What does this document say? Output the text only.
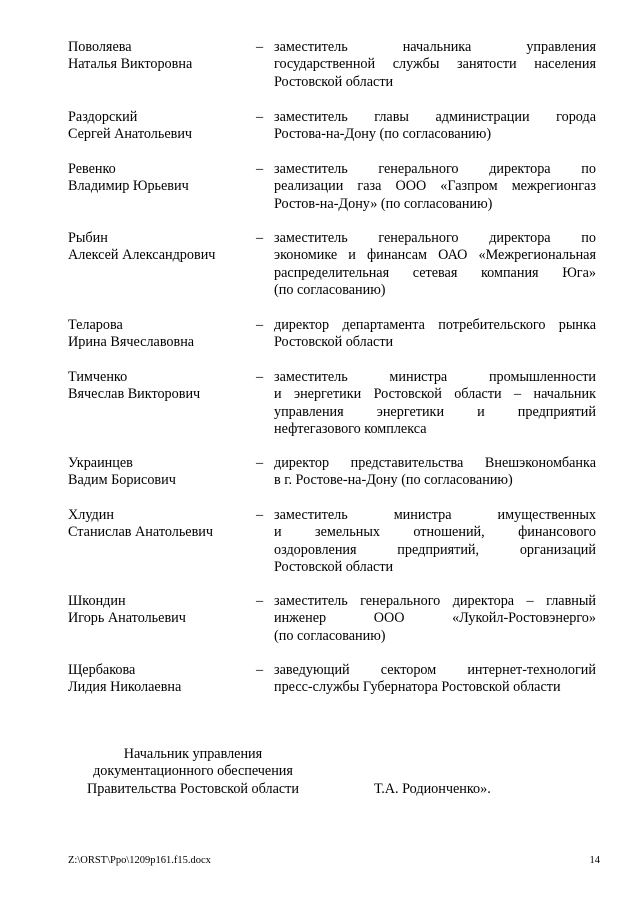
Поволяева
Наталья Викторовна
– заместитель начальника управления
государственной службы занятости населения
Ростовской области
Раздорский
Сергей Анатольевич
– заместитель главы администрации города
Ростова-на-Дону (по согласованию)
Ревенко
Владимир Юрьевич
– заместитель генерального директора по
реализации газа ООО «Газпром межрегионгаз
Ростов-на-Дону» (по согласованию)
Рыбин
Алексей Александрович
– заместитель генерального директора по
экономике и финансам ОАО «Межрегиональная
распределительная сетевая компания Юга»
(по согласованию)
Теларова
Ирина Вячеславовна
– директор департамента потребительского рынка
Ростовской области
Тимченко
Вячеслав Викторович
– заместитель министра промышленности
и энергетики Ростовской области – начальник
управления энергетики и предприятий
нефтегазового комплекса
Украинцев
Вадим Борисович
– директор представительства Внешэкономбанка
в г. Ростове-на-Дону (по согласованию)
Хлудин
Станислав Анатольевич
– заместитель министра имущественных
и земельных отношений, финансового
оздоровления предприятий, организаций
Ростовской области
Шкондин
Игорь Анатольевич
– заместитель генерального директора – главный
инженер ООО «Лукойл-Ростовэнерго»
(по согласованию)
Щербакова
Лидия Николаевна
– заведующий сектором интернет-технологий
пресс-службы Губернатора Ростовской области
Начальник управления
документационного обеспечения
Правительства Ростовской области	Т.А. Родионченко».
Z:\ORST\Ppo\1209p161.f15.docx	14
